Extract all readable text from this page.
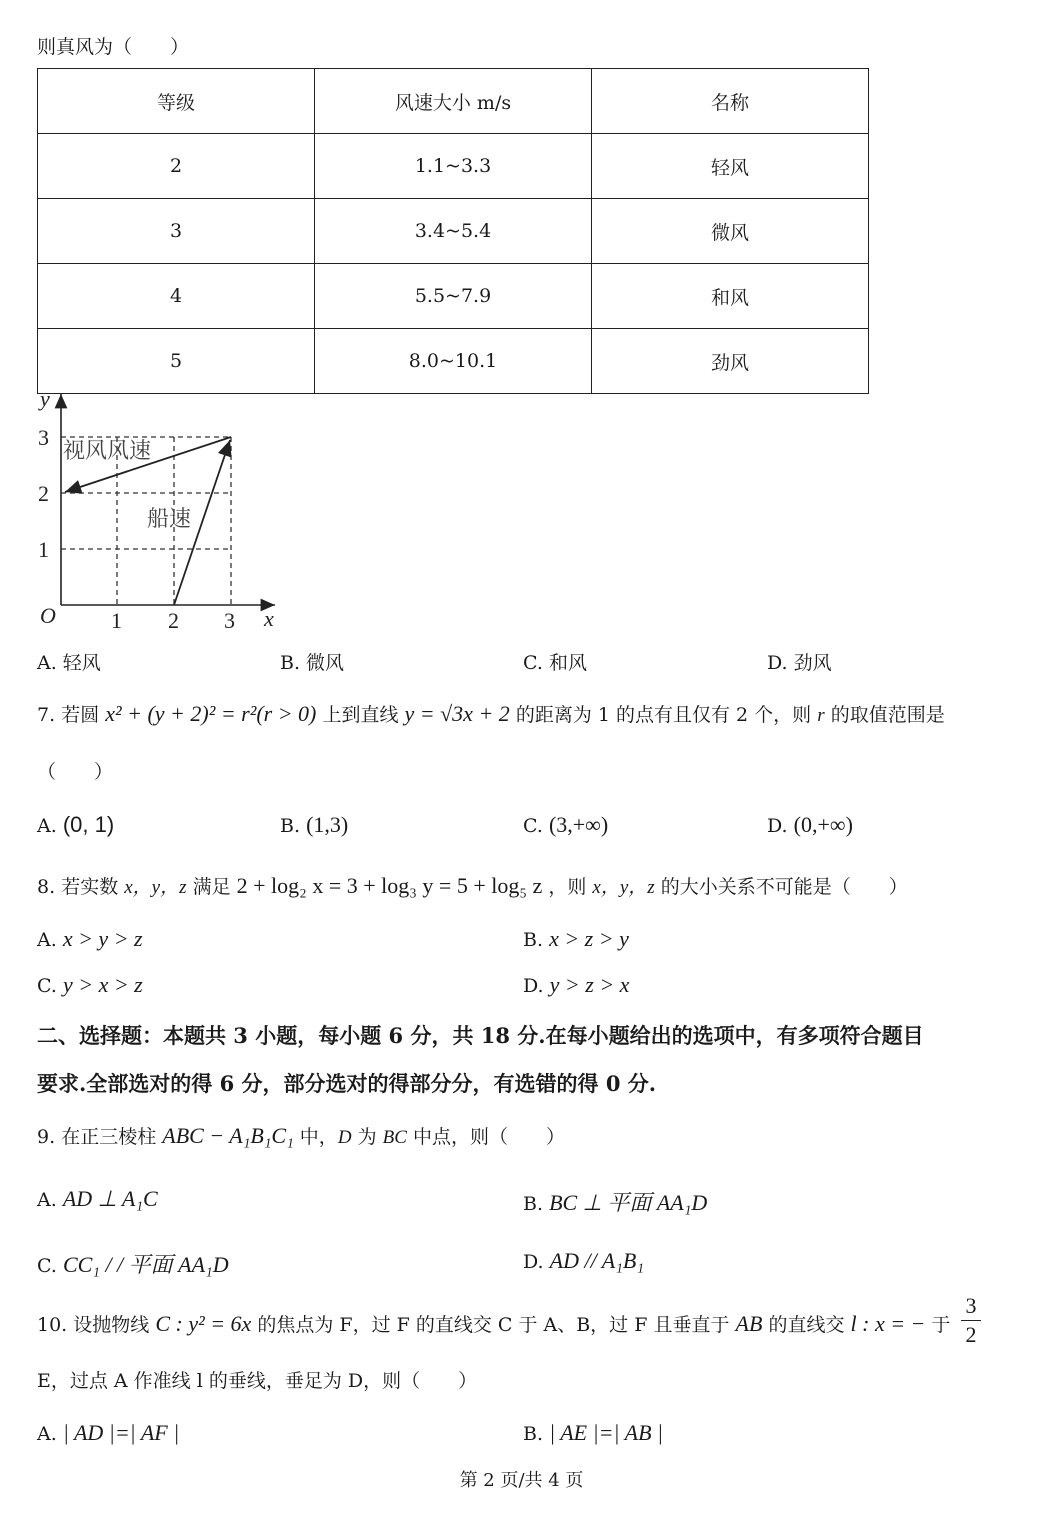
则真风为（　　）
等级	风速大小 m/s	名称
2	1.1~3.3	轻风
3	3.4~5.4	微风
4	5.5~7.9	和风
5	8.0~10.1	劲风
y
x
O	1 2 3
1
2
3
视风风速
船速
A. 轻风	B. 微风	C. 和风	D. 劲风
7. 若圆 x² + (y + 2)² = r²(r > 0) 上到直线 y = √3x + 2 的距离为 1 的点有且仅有 2 个，则 r 的取值范围是
（　　）
A. (0, 1)	B. (1,3)	C. (3,+∞)	D. (0,+∞)
8. 若实数 x，y，z 满足 2 + log₂ x = 3 + log₃ y = 5 + log₅ z ，则 x，y，z 的大小关系不可能是（　　）
A. x > y > z	B. x > z > y
C. y > x > z	D. y > z > x
二、选择题：本题共 3 小题，每小题 6 分，共 18 分.在每小题给出的选项中，有多项符合题目
要求.全部选对的得 6 分，部分选对的得部分分，有选错的得 0 分.
9. 在正三棱柱 ABC − A₁B₁C₁ 中，D 为 BC 中点，则（　　）
A. AD ⊥ A₁C	B. BC ⊥ 平面 AA₁D
C. CC₁ / / 平面 AA₁D	D. AD // A₁B₁
10. 设抛物线 C : y² = 6x 的焦点为 F，过 F 的直线交 C 于 A、B，过 F 且垂直于 AB 的直线交 l : x = − 于
3
2
E，过点 A 作准线 l 的垂线，垂足为 D，则（　　）
A. | AD |=| AF |	B. | AE |=| AB |
第 2 页/共 4 页
